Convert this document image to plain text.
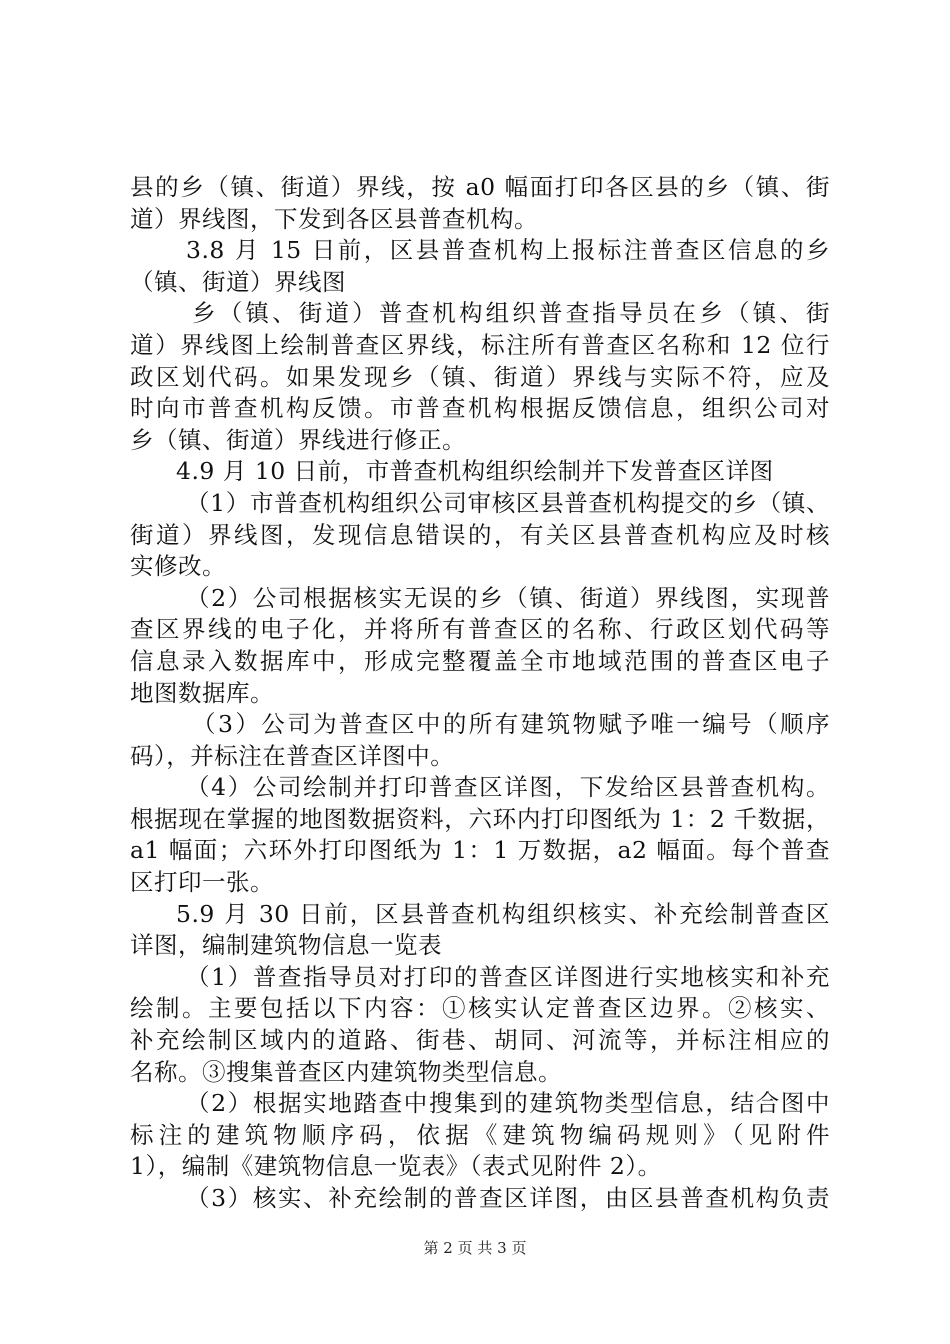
县的乡（镇、街道）界线，按 a0 幅面打印各区县的乡（镇、街
道）界线图，下发到各区县普查机构。
3.8 月 15 日前，区县普查机构上报标注普查区信息的乡
（镇、街道）界线图
乡（镇、街道）普查机构组织普查指导员在乡（镇、街
道）界线图上绘制普查区界线，标注所有普查区名称和 12 位行
政区划代码。如果发现乡（镇、街道）界线与实际不符，应及
时向市普查机构反馈。市普查机构根据反馈信息，组织公司对
乡（镇、街道）界线进行修正。
4.9 月 10 日前，市普查机构组织绘制并下发普查区详图
（1）市普查机构组织公司审核区县普查机构提交的乡（镇、
街道）界线图，发现信息错误的，有关区县普查机构应及时核
实修改。
（2）公司根据核实无误的乡（镇、街道）界线图，实现普
查区界线的电子化，并将所有普查区的名称、行政区划代码等
信息录入数据库中，形成完整覆盖全市地域范围的普查区电子
地图数据库。
（3）公司为普查区中的所有建筑物赋予唯一编号（顺序
码），并标注在普查区详图中。
（4）公司绘制并打印普查区详图，下发给区县普查机构。
根据现在掌握的地图数据资料，六环内打印图纸为 1：2 千数据，
a1 幅面；六环外打印图纸为 1：1 万数据，a2 幅面。每个普查
区打印一张。
5.9 月 30 日前，区县普查机构组织核实、补充绘制普查区
详图，编制建筑物信息一览表
（1）普查指导员对打印的普查区详图进行实地核实和补充
绘制。主要包括以下内容：①核实认定普查区边界。②核实、
补充绘制区域内的道路、街巷、胡同、河流等，并标注相应的
名称。③搜集普查区内建筑物类型信息。
（2）根据实地踏查中搜集到的建筑物类型信息，结合图中
标注的建筑物顺序码，依据《建筑物编码规则》（见附件
1），编制《建筑物信息一览表》（表式见附件 2）。
（3）核实、补充绘制的普查区详图，由区县普查机构负责
第 2 页 共 3 页
